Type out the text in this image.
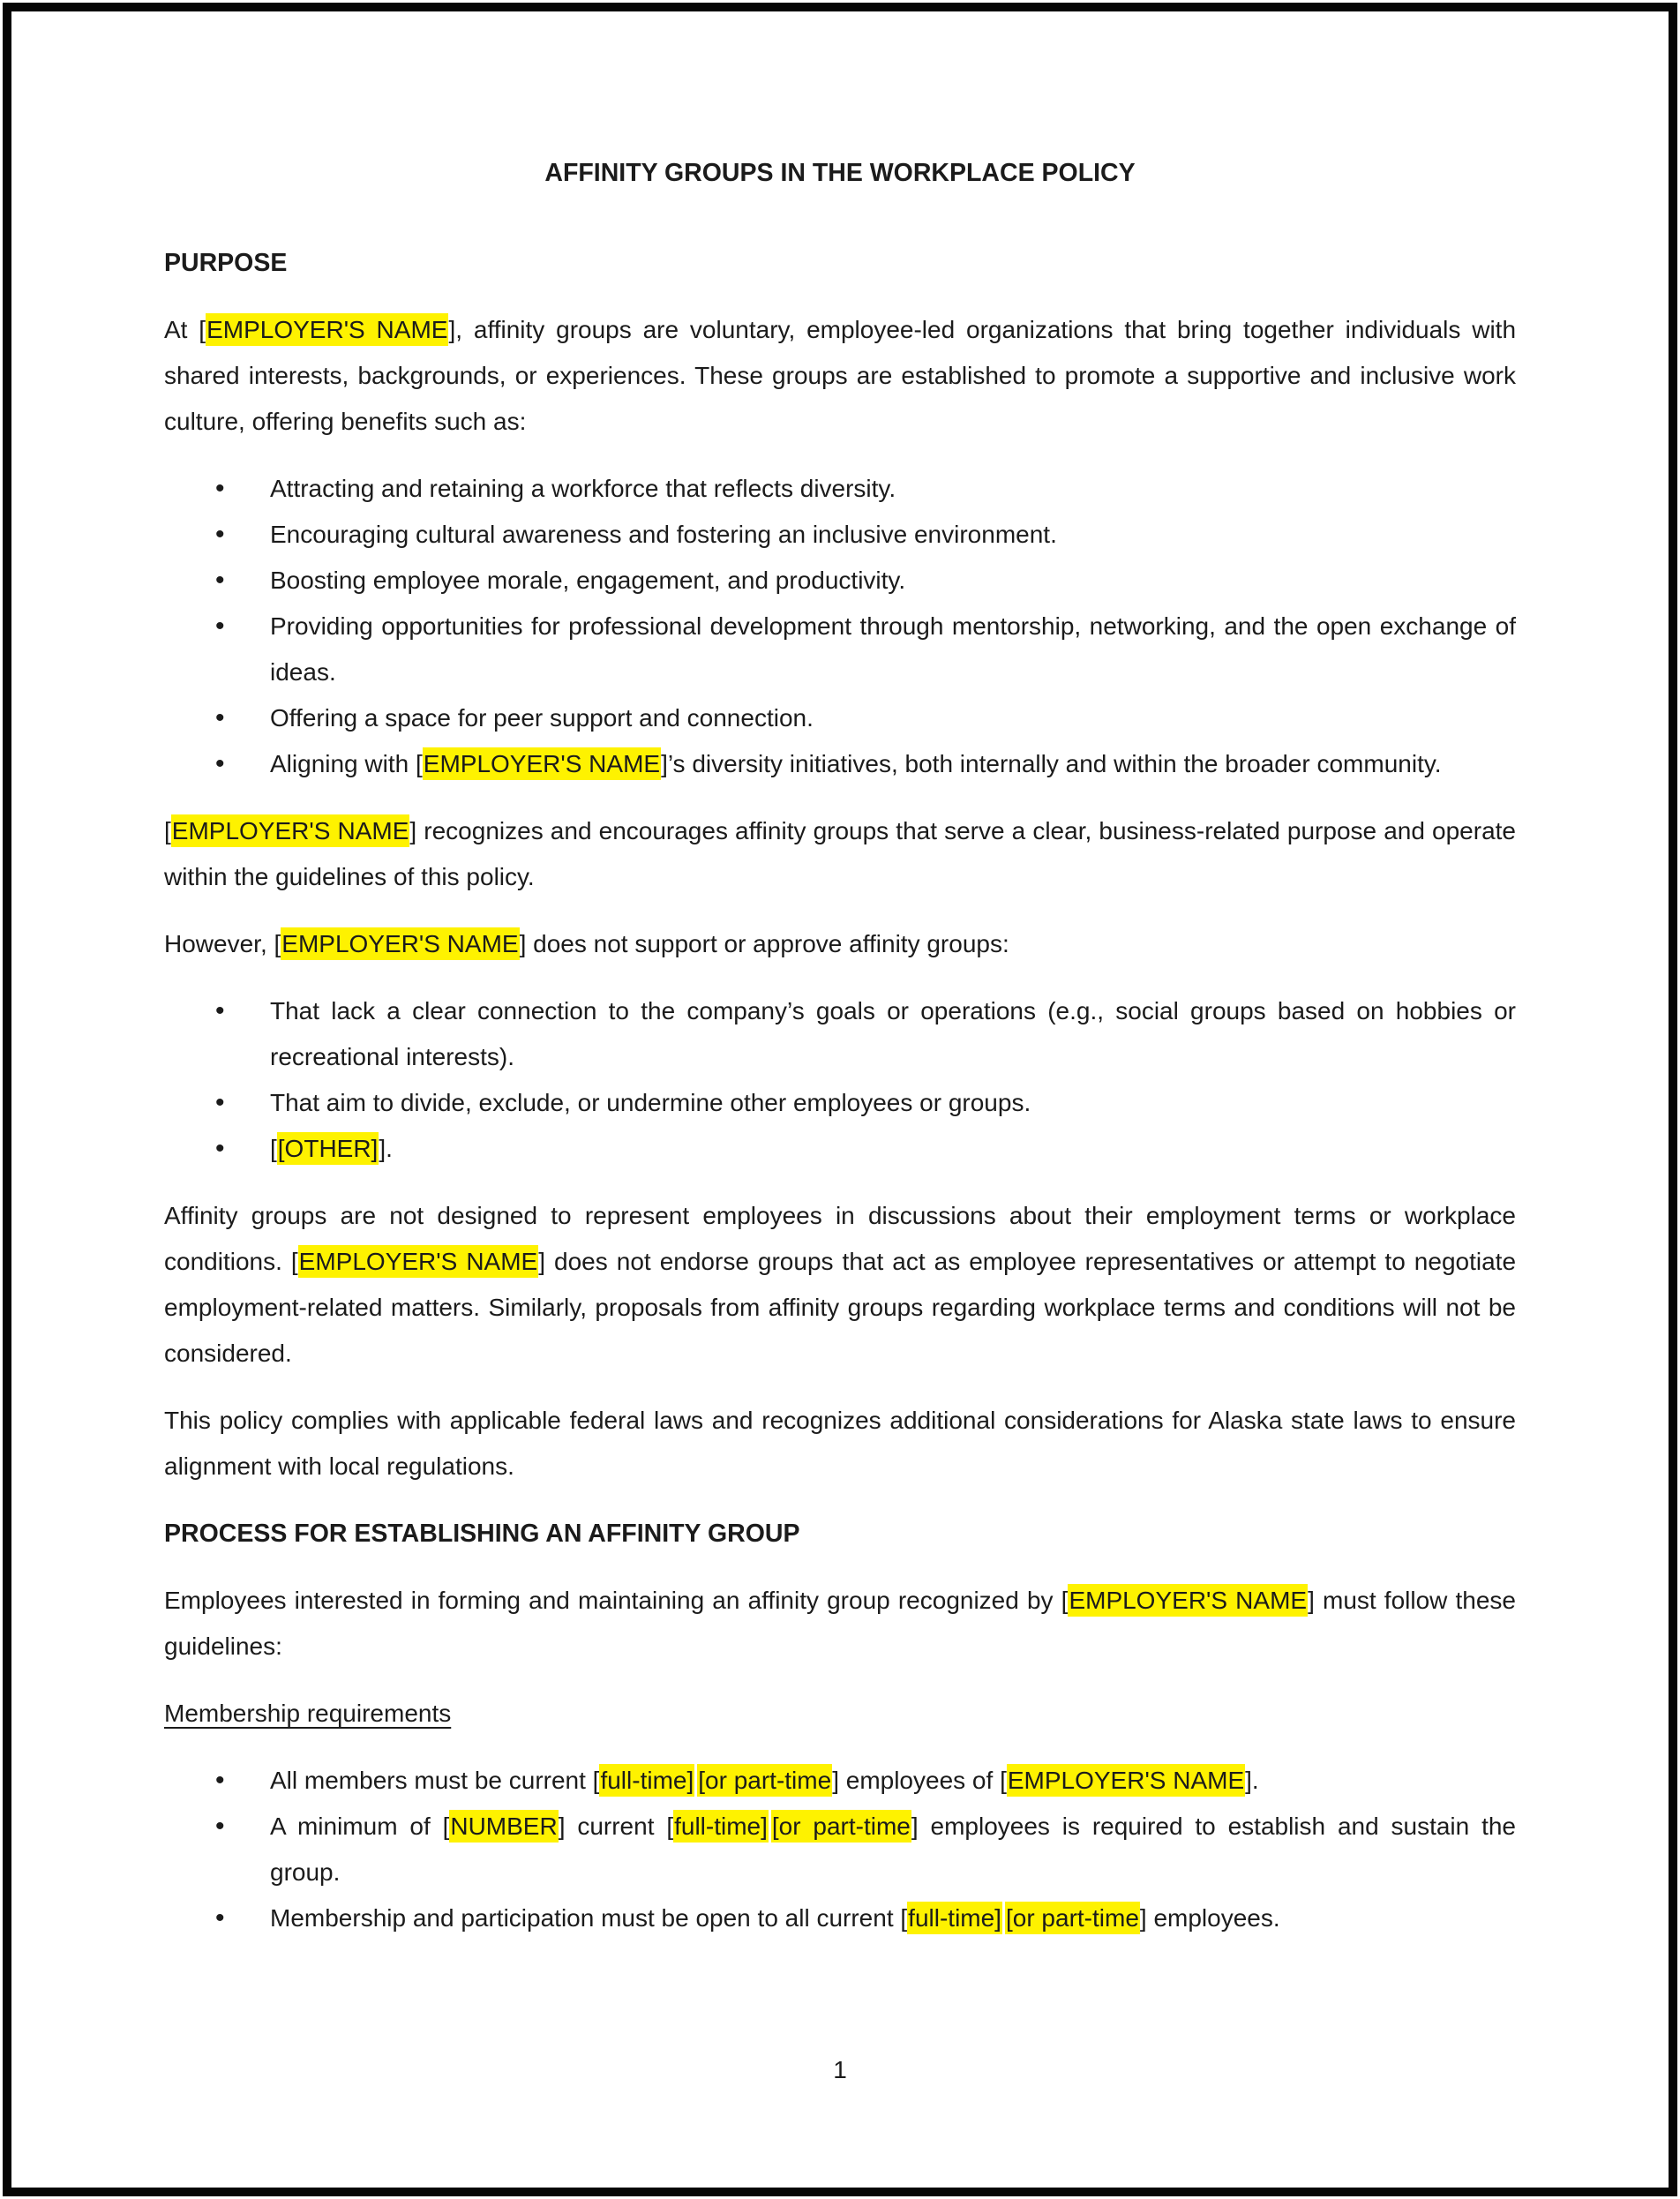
AFFINITY GROUPS IN THE WORKPLACE POLICY
PURPOSE

At [EMPLOYER'S NAME], affinity groups are voluntary, employee-led organizations that bring together individuals with shared interests, backgrounds, or experiences. These groups are established to promote a supportive and inclusive work culture, offering benefits such as:

• Attracting and retaining a workforce that reflects diversity.
• Encouraging cultural awareness and fostering an inclusive environment.
• Boosting employee morale, engagement, and productivity.
• Providing opportunities for professional development through mentorship, networking, and the open exchange of ideas.
• Offering a space for peer support and connection.
• Aligning with [EMPLOYER'S NAME]’s diversity initiatives, both internally and within the broader community.

[EMPLOYER'S NAME] recognizes and encourages affinity groups that serve a clear, business-related purpose and operate within the guidelines of this policy.

However, [EMPLOYER'S NAME] does not support or approve affinity groups:

• That lack a clear connection to the company’s goals or operations (e.g., social groups based on hobbies or recreational interests).
• That aim to divide, exclude, or undermine other employees or groups.
• [[OTHER]].

Affinity groups are not designed to represent employees in discussions about their employment terms or workplace conditions. [EMPLOYER'S NAME] does not endorse groups that act as employee representatives or attempt to negotiate employment-related matters. Similarly, proposals from affinity groups regarding workplace terms and conditions will not be considered.

This policy complies with applicable federal laws and recognizes additional considerations for Alaska state laws to ensure alignment with local regulations.

PROCESS FOR ESTABLISHING AN AFFINITY GROUP

Employees interested in forming and maintaining an affinity group recognized by [EMPLOYER'S NAME] must follow these guidelines:

Membership requirements

• All members must be current [full-time] [or part-time] employees of [EMPLOYER'S NAME].
• A minimum of [NUMBER] current [full-time] [or part-time] employees is required to establish and sustain the group.
• Membership and participation must be open to all current [full-time] [or part-time] employees.
1
